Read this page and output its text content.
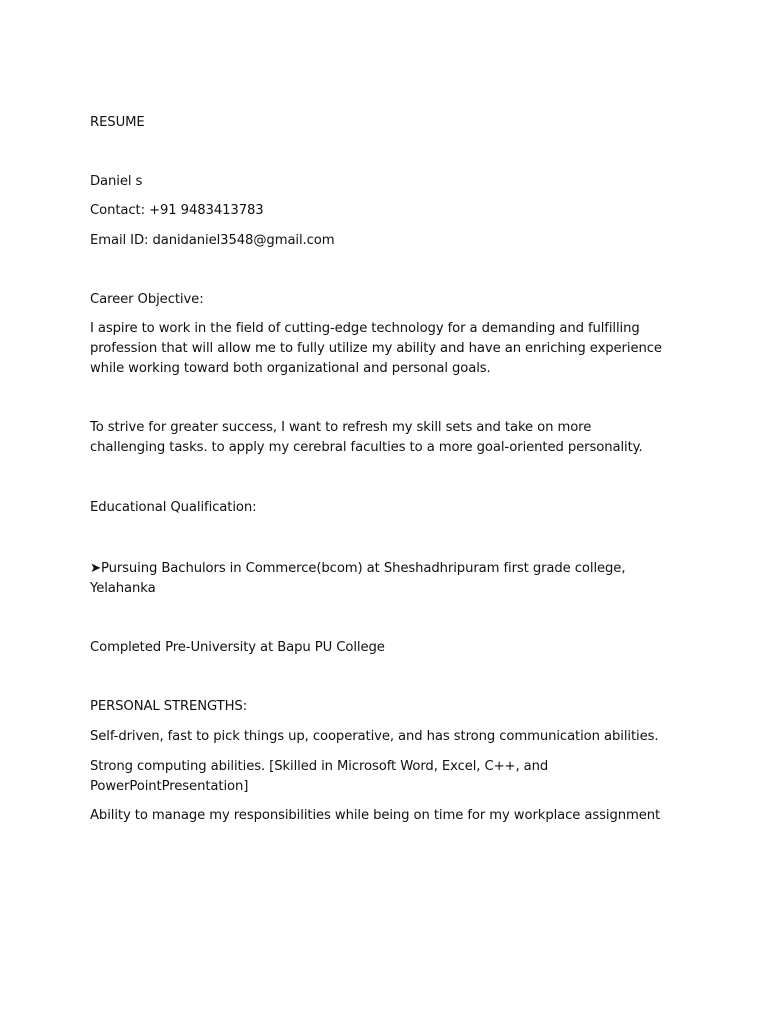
RESUME
Daniel s
Contact: +91 9483413783
Email ID: danidaniel3548@gmail.com
Career Objective:
I aspire to work in the field of cutting-edge technology for a demanding and fulfilling profession that will allow me to fully utilize my ability and have an enriching experience while working toward both organizational and personal goals.
To strive for greater success, I want to refresh my skill sets and take on more challenging tasks. to apply my cerebral faculties to a more goal-oriented personality.
Educational Qualification:
➤Pursuing Bachulors in Commerce(bcom) at Sheshadhripuram first grade college, Yelahanka
Completed Pre-University at Bapu PU College
PERSONAL STRENGTHS:
Self-driven, fast to pick things up, cooperative, and has strong communication abilities.
Strong computing abilities. [Skilled in Microsoft Word, Excel, C++, and PowerPointPresentation]
Ability to manage my responsibilities while being on time for my workplace assignment
